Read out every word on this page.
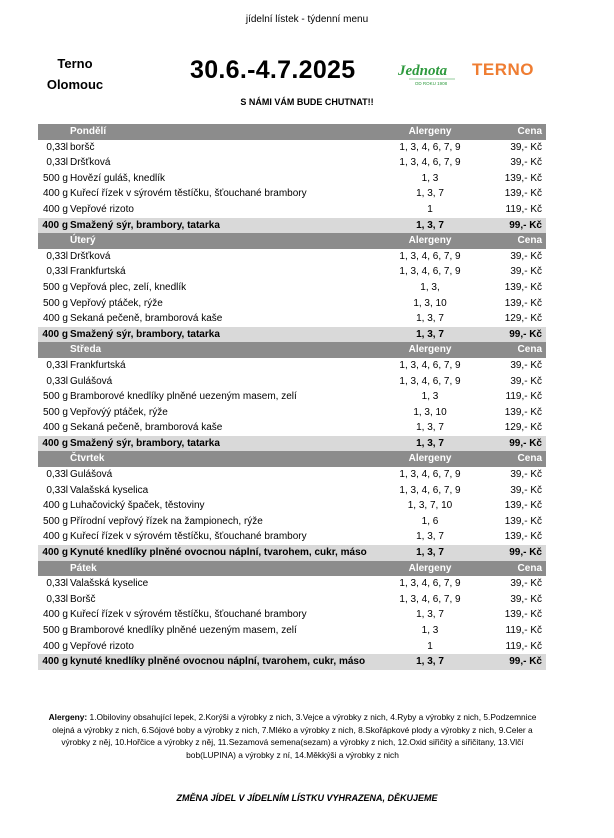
jídelní lístek - týdenní menu
Terno
Olomouc
30.6.-4.7.2025
S NÁMI VÁM BUDE CHUTNAT!!
Jednota
OD ROKU 1908
TERNO
Pondělí	Alergeny	Cena
0,33l boršč	1, 3, 4, 6, 7, 9	39,- Kč
0,33l Dršťková	1, 3, 4, 6, 7, 9	39,- Kč
500 g Hovězí guláš, knedlík	1, 3	139,- Kč
400 g Kuřecí řízek v sýrovém těstíčku, šťouchané brambory	1, 3, 7	139,- Kč
400 g Vepřové rizoto	1	119,- Kč
400 g Smažený sýr, brambory, tatarka	1, 3, 7	99,- Kč
Úterý	Alergeny	Cena
0,33l Dršťková	1, 3, 4, 6, 7, 9	39,- Kč
0,33l Frankfurtská	1, 3, 4, 6, 7, 9	39,- Kč
500 g Vepřová plec, zelí, knedlík	1, 3,	139,- Kč
500 g Vepřový ptáček, rýže	1, 3, 10	139,- Kč
400 g Sekaná pečeně, bramborová kaše	1, 3, 7	129,- Kč
400 g Smažený sýr, brambory, tatarka	1, 3, 7	99,- Kč
Středa	Alergeny	Cena
0,33l Frankfurtská	1, 3, 4, 6, 7, 9	39,- Kč
0,33l Gulášová	1, 3, 4, 6, 7, 9	39,- Kč
500 g Bramborové knedlíky plněné uezeným masem, zelí	1, 3	119,- Kč
500 g Vepřovýý ptáček, rýže	1, 3, 10	139,- Kč
400 g Sekaná pečeně, bramborová kaše	1, 3, 7	129,- Kč
400 g Smažený sýr, brambory, tatarka	1, 3, 7	99,- Kč
Čtvrtek	Alergeny	Cena
0,33l Gulášová	1, 3, 4, 6, 7, 9	39,- Kč
0,33l Valašská kyselica	1, 3, 4, 6, 7, 9	39,- Kč
400 g Luhačovický špaček, těstoviny	1, 3, 7, 10	139,- Kč
500 g Přírodní vepřový řízek na žampionech, rýže	1, 6	139,- Kč
400 g Kuřecí řízek v sýrovém těstíčku, šťouchané brambory	1, 3, 7	139,- Kč
400 g Kynuté knedlíky plněné ovocnou náplní, tvarohem, cukr, máso	1, 3, 7	99,- Kč
Pátek	Alergeny	Cena
0,33l Valašská kyselice	1, 3, 4, 6, 7, 9	39,- Kč
0,33l Boršč	1, 3, 4, 6, 7, 9	39,- Kč
400 g Kuřecí řízek v sýrovém těstíčku, šťouchané brambory	1, 3, 7	139,- Kč
500 g Bramborové knedlíky plněné uezeným masem, zelí	1, 3	119,- Kč
400 g Vepřové rizoto	1	119,- Kč
400 g kynuté knedlíky plněné ovocnou náplní, tvarohem, cukr, máso	1, 3, 7	99,- Kč
Alergeny: 1.Obiloviny obsahující lepek, 2.Korýši a výrobky z nich, 3.Vejce a výrobky z nich, 4.Ryby a výrobky z nich, 5.Podzemnice olejná a výrobky z nich, 6.Sójové boby a výrobky z nich, 7.Mléko a výrobky z nich, 8.Skořápkové plody a výrobky z nich, 9.Celer a výrobky z něj, 10.Hořčice a výrobky z něj, 11.Sezamová semena(sezam) a výrobky z nich, 12.Oxid siřičitý a siřičitany, 13.Vlčí bob(LUPINA) a výrobky z ní, 14.Měkkýši a výrobky z nich
ZMĚNA JÍDEL V JÍDELNÍM LÍSTKU VYHRAZENA, DĚKUJEME
